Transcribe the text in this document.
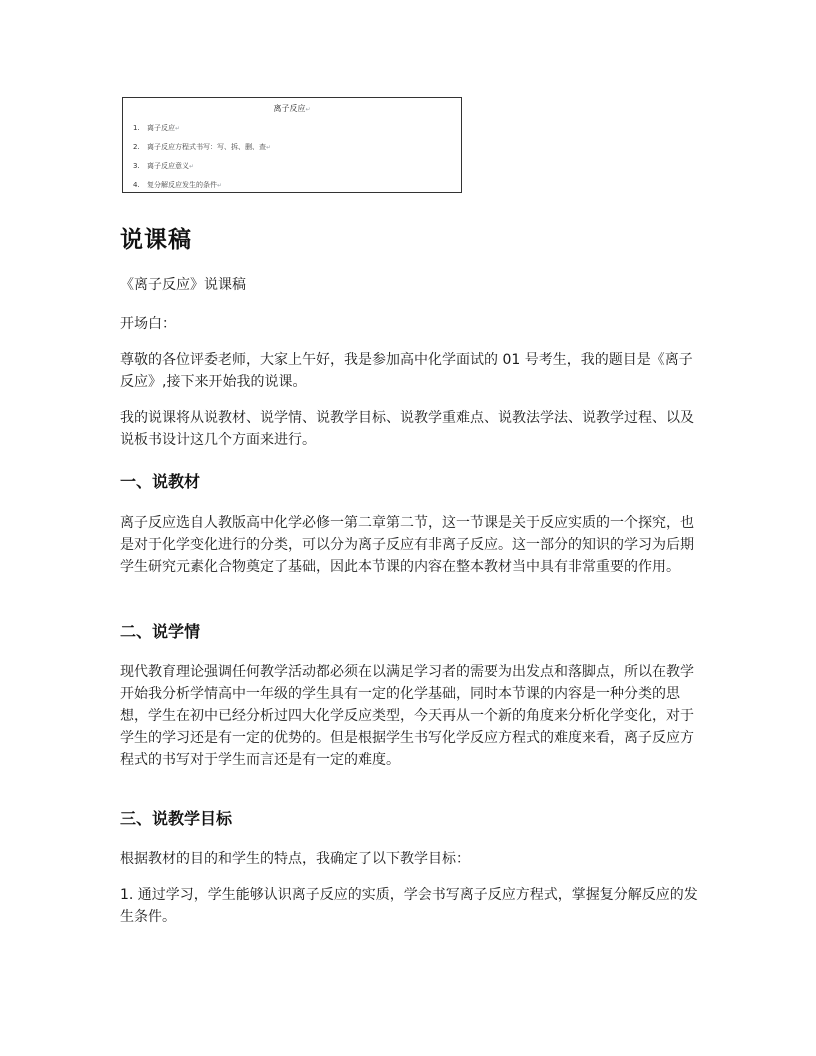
离子反应↵
1. 离子反应↵
2. 离子反应方程式书写：写、拆、删、查↵
3. 离子反应意义↵
4. 复分解反应发生的条件↵
说课稿

《离子反应》说课稿

开场白：

尊敬的各位评委老师，大家上午好，我是参加高中化学面试的 01 号考生，我的题目是《离子反应》,接下来开始我的说课。

我的说课将从说教材、说学情、说教学目标、说教学重难点、说教法学法、说教学过程、以及说板书设计这几个方面来进行。

一、说教材

离子反应选自人教版高中化学必修一第二章第二节，这一节课是关于反应实质的一个探究，也是对于化学变化进行的分类，可以分为离子反应有非离子反应。这一部分的知识的学习为后期学生研究元素化合物奠定了基础，因此本节课的内容在整本教材当中具有非常重要的作用。

二、说学情

现代教育理论强调任何教学活动都必须在以满足学习者的需要为出发点和落脚点，所以在教学开始我分析学情高中一年级的学生具有一定的化学基础，同时本节课的内容是一种分类的思想，学生在初中已经分析过四大化学反应类型，今天再从一个新的角度来分析化学变化，对于学生的学习还是有一定的优势的。但是根据学生书写化学反应方程式的难度来看，离子反应方程式的书写对于学生而言还是有一定的难度。

三、说教学目标

根据教材的目的和学生的特点，我确定了以下教学目标：

1. 通过学习，学生能够认识离子反应的实质，学会书写离子反应方程式，掌握复分解反应的发生条件。
